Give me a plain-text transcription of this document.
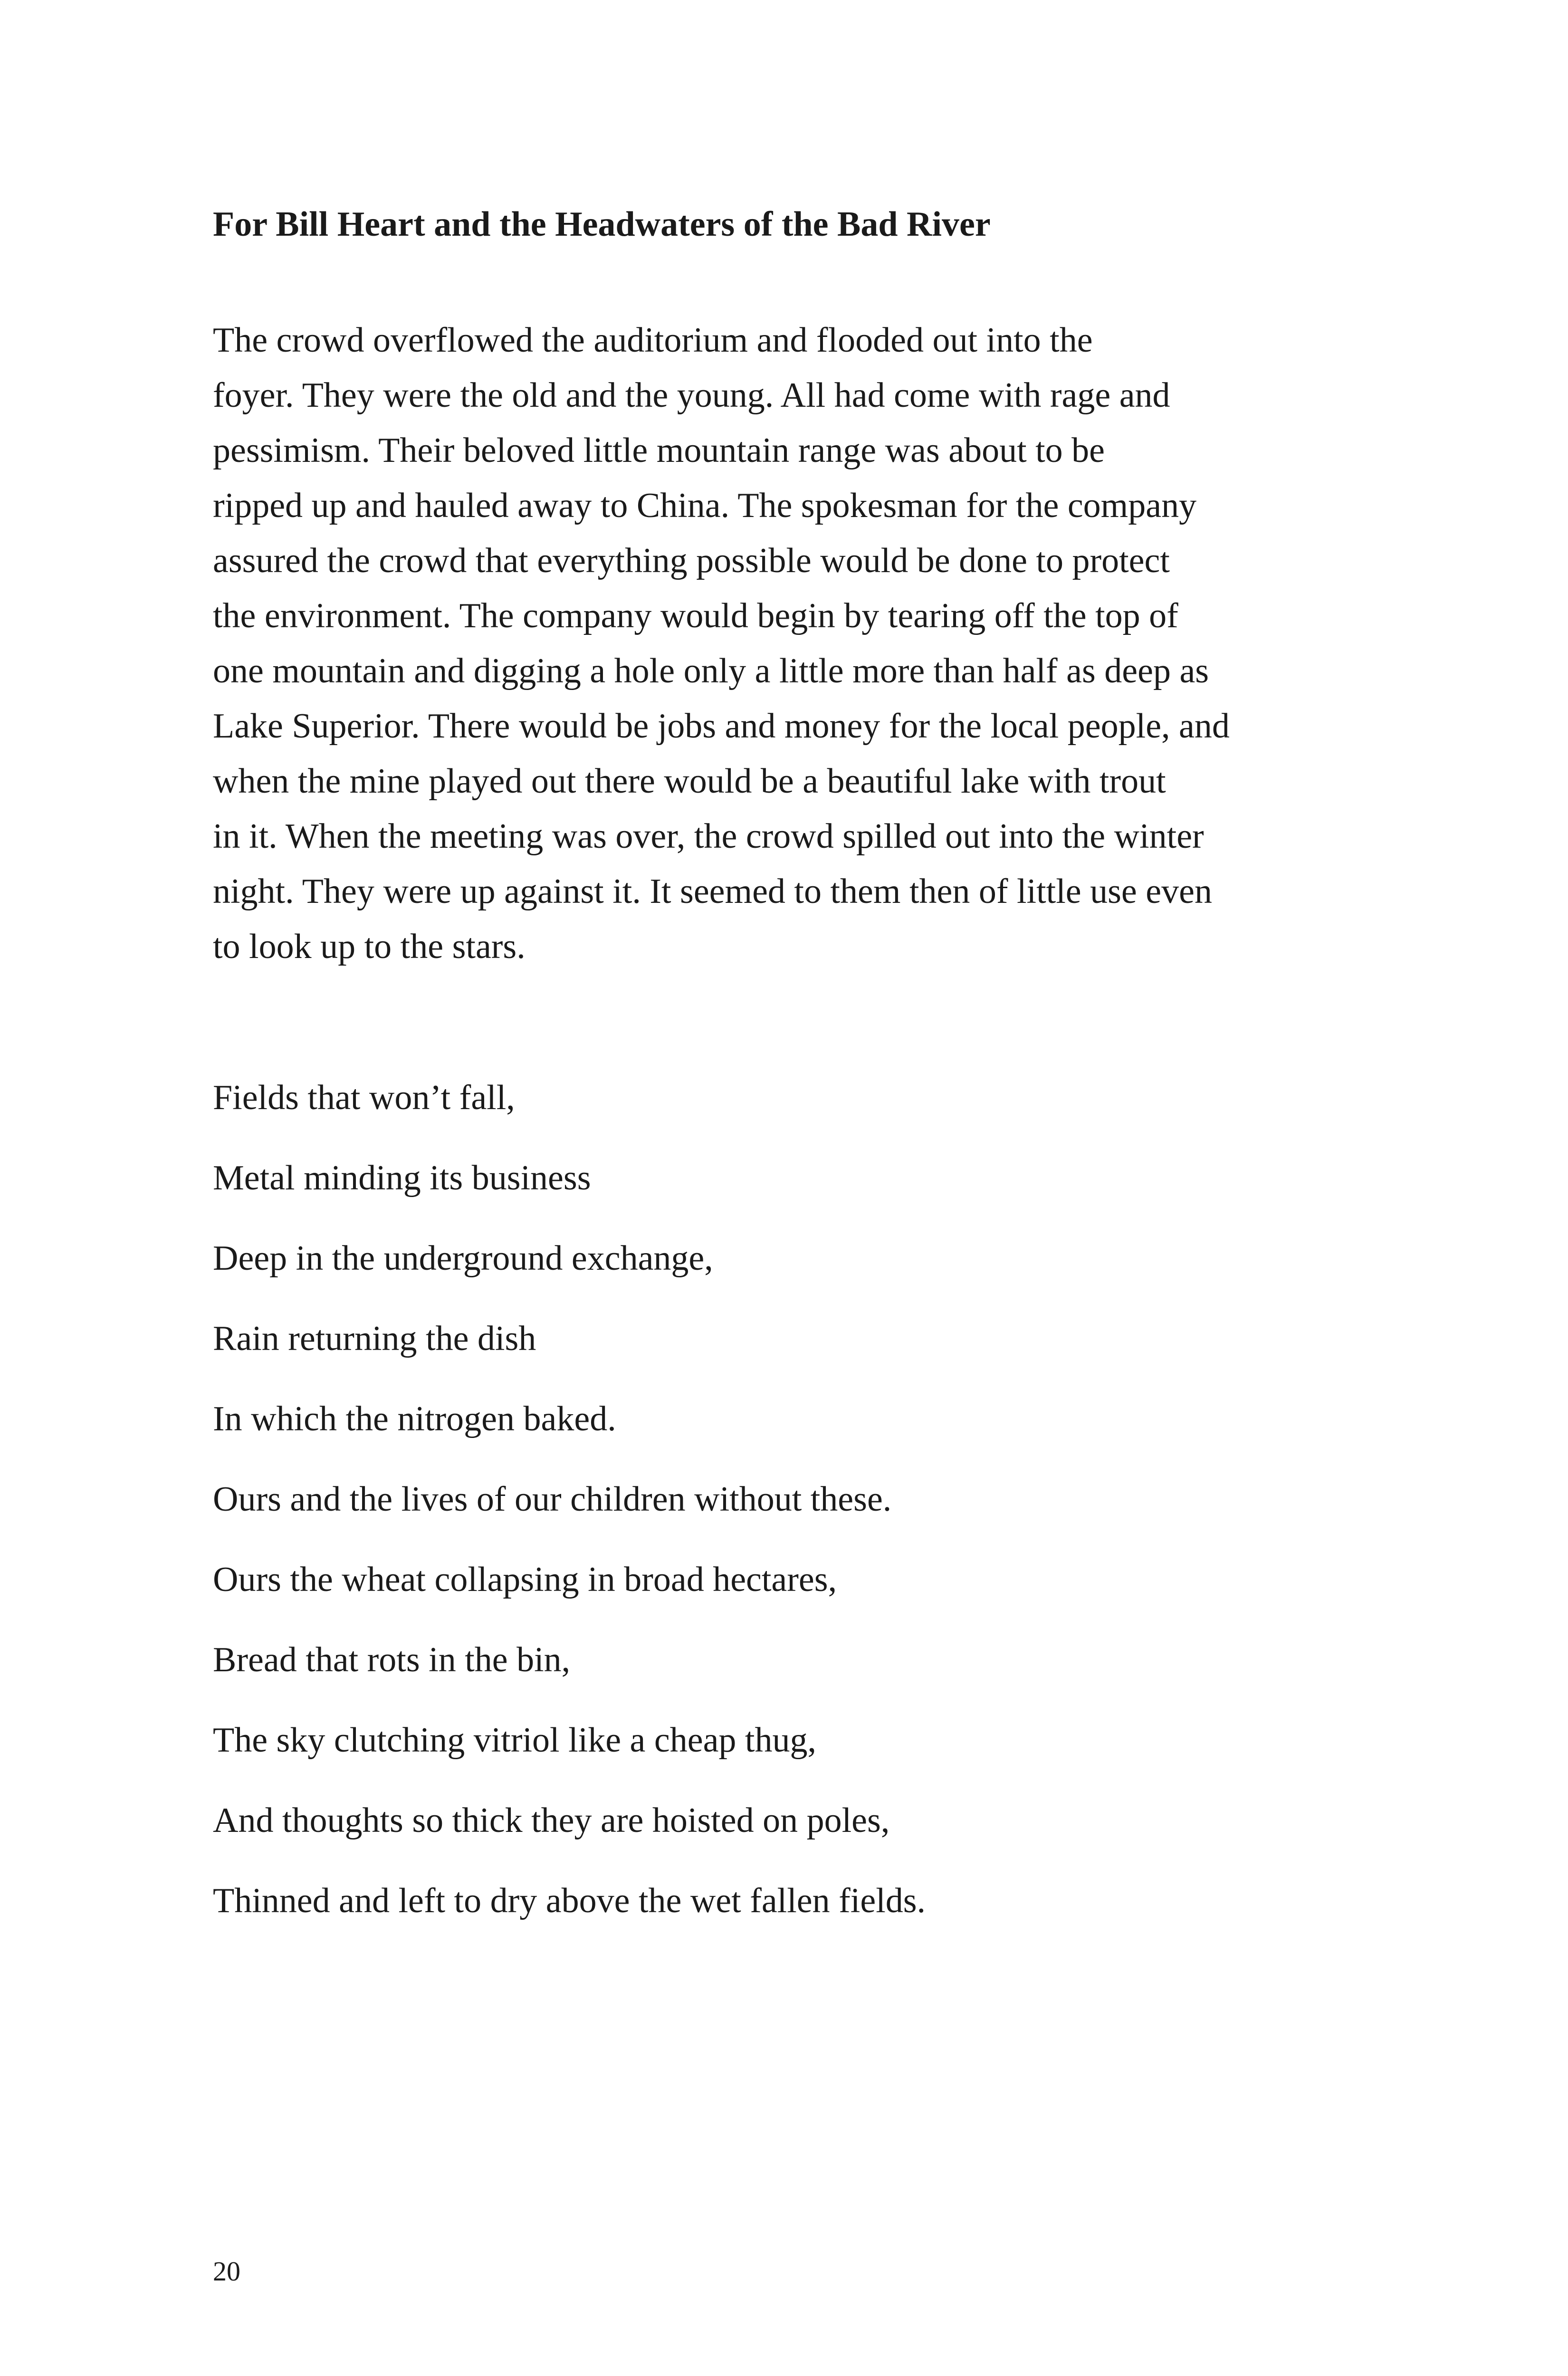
For Bill Heart and the Headwaters of the Bad River
The crowd overflowed the auditorium and flooded out into the
foyer. They were the old and the young. All had come with rage and
pessimism. Their beloved little mountain range was about to be
ripped up and hauled away to China. The spokesman for the company
assured the crowd that everything possible would be done to protect
the environment. The company would begin by tearing off the top of
one mountain and digging a hole only a little more than half as deep as
Lake Superior. There would be jobs and money for the local people, and
when the mine played out there would be a beautiful lake with trout
in it. When the meeting was over, the crowd spilled out into the winter
night. They were up against it. It seemed to them then of little use even
to look up to the stars.
Fields that won’t fall,
Metal minding its business
Deep in the underground exchange,
Rain returning the dish
In which the nitrogen baked.
Ours and the lives of our children without these.
Ours the wheat collapsing in broad hectares,
Bread that rots in the bin,
The sky clutching vitriol like a cheap thug,
And thoughts so thick they are hoisted on poles,
Thinned and left to dry above the wet fallen fields.
20
